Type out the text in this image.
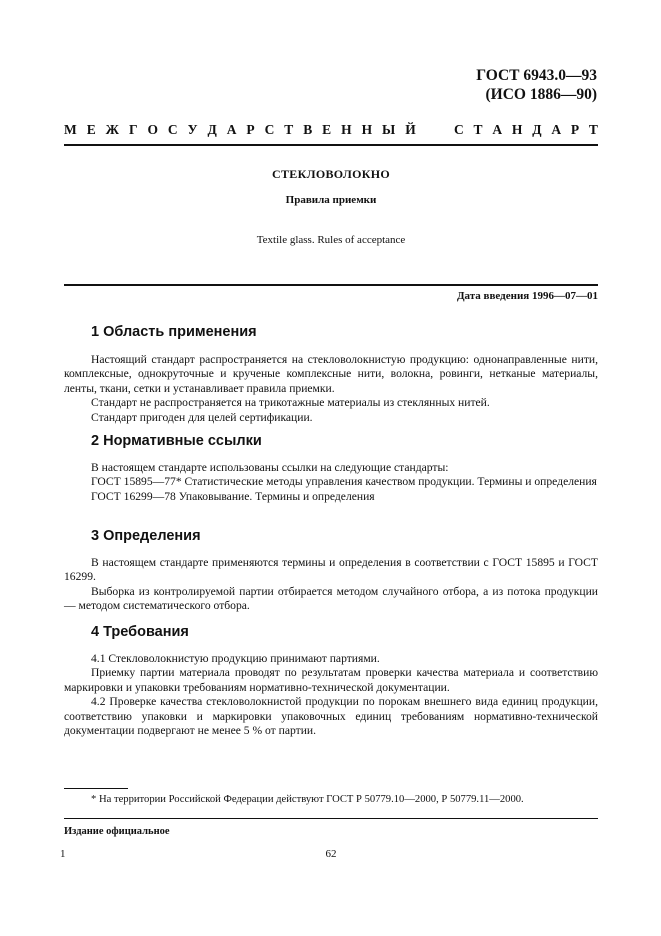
ГОСТ 6943.0—93
(ИСО 1886—90)
М Е Ж Г О С У Д А Р С Т В Е Н Н Ы Й	С Т А Н Д А Р Т
СТЕКЛОВОЛОКНО
Правила приемки
Textile glass. Rules of acceptance
Дата введения 1996—07—01
1 Область применения

Настоящий стандарт распространяется на стекловолокнистую продукцию: однонаправленные нити, комплексные, однокруточные и крученые комплексные нити, волокна, ровинги, нетканые материалы, ленты, ткани, сетки и устанавливает правила приемки.

Стандарт не распространяется на трикотажные материалы из стеклянных нитей.

Стандарт пригоден для целей сертификации.

2 Нормативные ссылки

В настоящем стандарте использованы ссылки на следующие стандарты:

ГОСТ 15895—77* Статистические методы управления качеством продукции. Термины и определения

ГОСТ 16299—78 Упаковывание. Термины и определения

3 Определения

В настоящем стандарте применяются термины и определения в соответствии с ГОСТ 15895 и ГОСТ 16299.

Выборка из контролируемой партии отбирается методом случайного отбора, а из потока продукции — методом систематического отбора.

4 Требования

4.1 Стекловолокнистую продукцию принимают партиями.

Приемку партии материала проводят по результатам проверки качества материала и соответствию маркировки и упаковки требованиям нормативно-технической документации.

4.2 Проверке качества стекловолокнистой продукции по порокам внешнего вида единиц продукции, соответствию упаковки и маркировки упаковочных единиц требованиям нормативно-технической документации подвергают не менее 5 % от партии.

* На территории Российской Федерации действуют ГОСТ Р 50779.10—2000, Р 50779.11—2000.
Издание официальное
1	62
